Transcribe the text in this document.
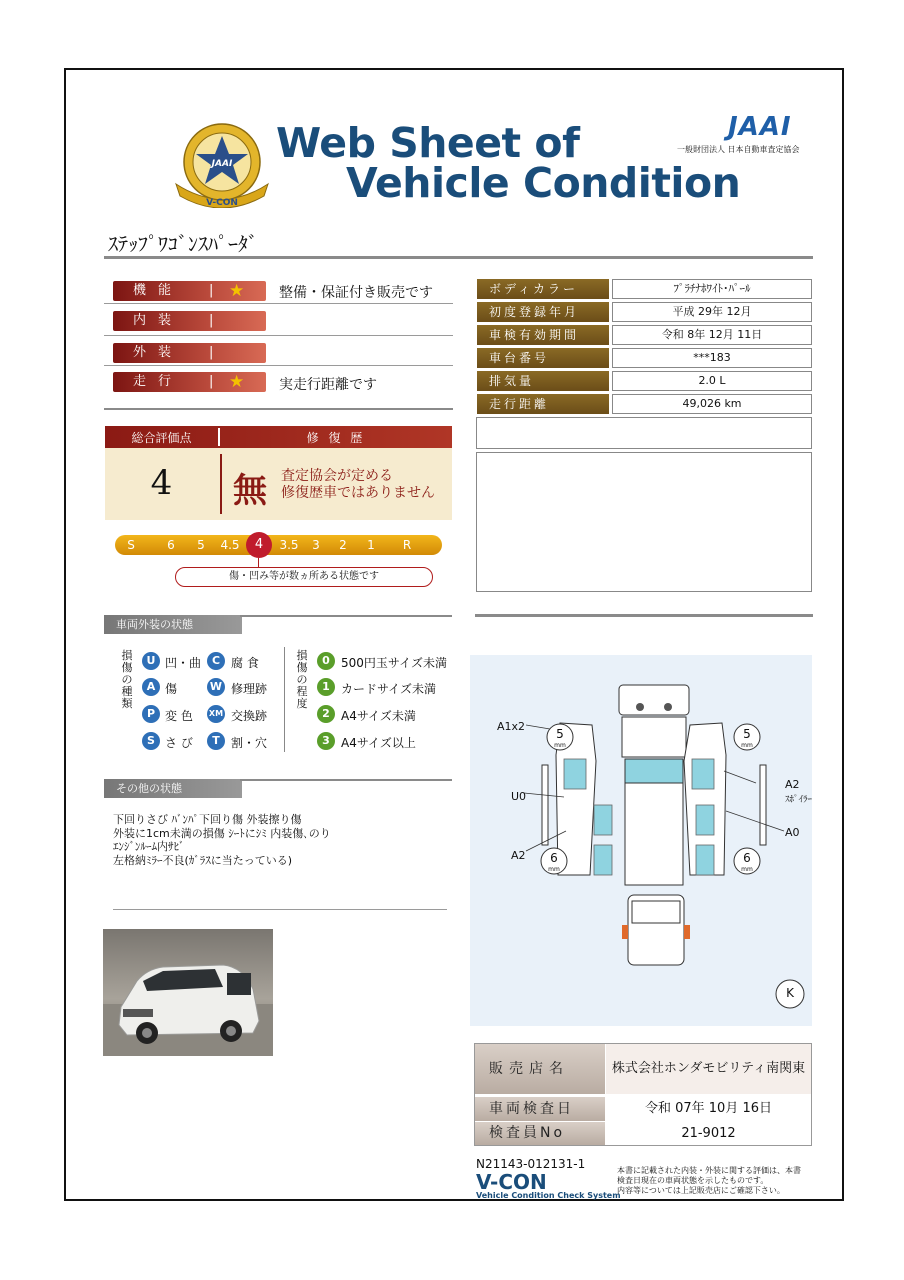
JAAI
V-CON
Web Sheet of
Vehicle Condition
JAAI
一般財団法人 日本自動車査定協会
ｽﾃｯﾌﾟﾜｺﾞﾝｽﾊﾟｰﾀﾞ
機能 | ★ 整備・保証付き販売です
内装 |
外装 |
走行 | ★ 実走行距離です
ボディカラー	ﾌﾟﾗﾁﾅﾎﾜｲﾄ･ﾊﾟｰﾙ
初度登録年月	平成 29年 12月
車検有効期間	令和 8年 12月 11日
車台番号	***183
排気量	2.0 L
走行距離	49,026 km
総合評価点	修 復 歴
4	無 査定協会が定める
修復歴車ではありません
S	6	5	4.5	4	3.5	3	2	1	R
傷・凹み等が数ヵ所ある状態です
車両外装の状態
損傷の種類
U 凹・曲 C 腐 食
A 傷	W 修理跡
P 変 色 XM 交換跡
S さ び	T 割・穴
損傷の程度
0 500円玉サイズ未満
1 カードサイズ未満
2 A4サイズ未満
3 A4サイズ以上
その他の状態
下回りさび ﾊﾞﾝﾊﾟ下回り傷 外装擦り傷
外装に1cm未満の損傷 ｼｰﾄにｼﾐ 内装傷､のり
ｴﾝｼﾞﾝﾙｰﾑ内ｻﾋﾞ
左格納ﾐﾗｰ不良(ｶﾞﾗｽに当たっている)
A1x2
U0
A2
A2
ｽﾎﾟｲﾗｰ
A0
5
mm
5
mm
6
mm
6
mm
K
販売店名	株式会社ホンダモビリティ南関東
車両検査日	令和 07年 10月 16日
検査員No	21-9012
N21143-012131-1
V-CON
Vehicle Condition Check System
本書に記載された内装・外装に関する評価は、本書
検査日現在の車両状態を示したものです。
内容等については上記販売店にご確認下さい。
